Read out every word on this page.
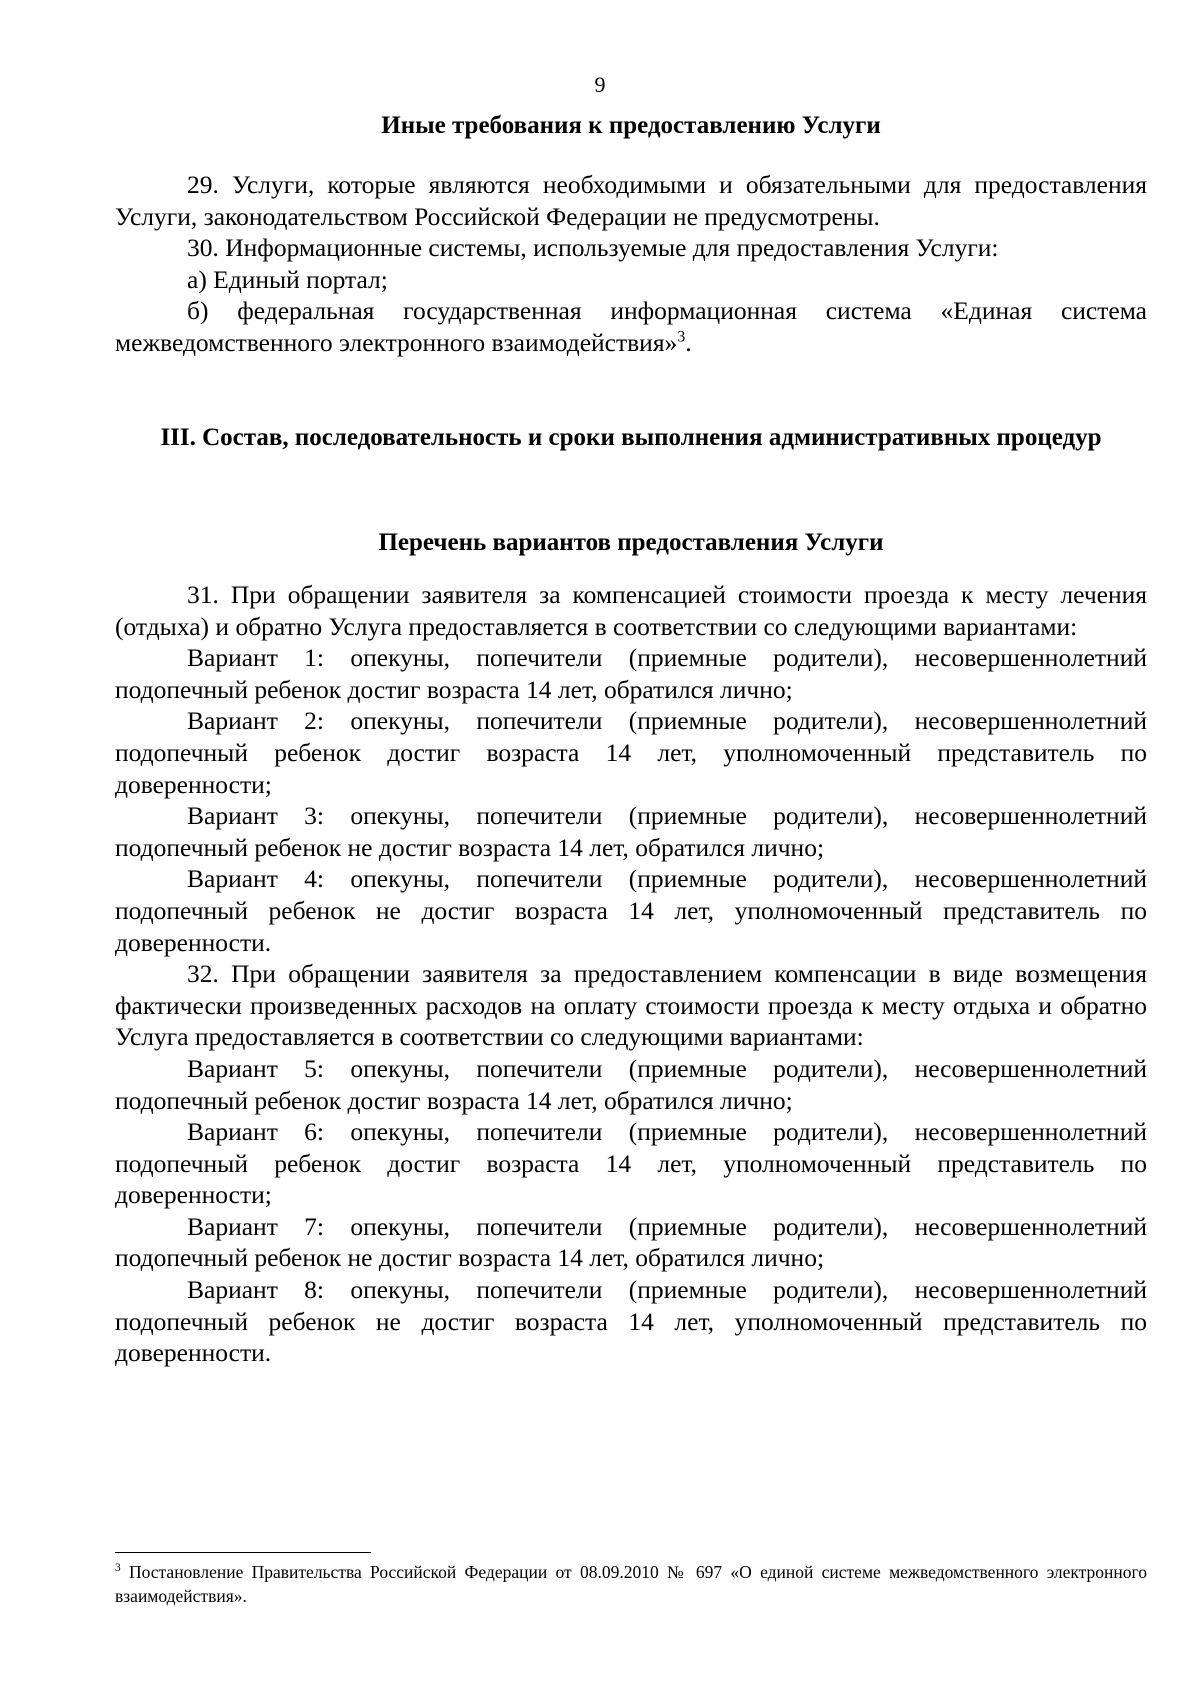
9
Иные требования к предоставлению Услуги

29. Услуги, которые являются необходимыми и обязательными для предоставления Услуги, законодательством Российской Федерации не предусмотрены.

30. Информационные системы, используемые для предоставления Услуги:

а) Единый портал;

б) федеральная государственная информационная система «Единая система межведомственного электронного взаимодействия»$^3$.

III. Состав, последовательность и сроки выполнения административных процедур
Перечень вариантов предоставления Услуги

31. При обращении заявителя за компенсацией стоимости проезда к месту лечения (отдыха) и обратно Услуга предоставляется в соответствии со следующими вариантами:

Вариант 1: опекуны, попечители (приемные родители), несовершеннолетний подопечный ребенок достиг возраста 14 лет, обратился лично;

Вариант 2: опекуны, попечители (приемные родители), несовершеннолетний подопечный ребенок достиг возраста 14 лет, уполномоченный представитель по доверенности;

Вариант 3: опекуны, попечители (приемные родители), несовершеннолетний подопечный ребенок не достиг возраста 14 лет, обратился лично;

Вариант 4: опекуны, попечители (приемные родители), несовершеннолетний подопечный ребенок не достиг возраста 14 лет, уполномоченный представитель по доверенности.

32. При обращении заявителя за предоставлением компенсации в виде возмещения фактически произведенных расходов на оплату стоимости проезда к месту отдыха и обратно Услуга предоставляется в соответствии со следующими вариантами:

Вариант 5: опекуны, попечители (приемные родители), несовершеннолетний подопечный ребенок достиг возраста 14 лет, обратился лично;

Вариант 6: опекуны, попечители (приемные родители), несовершеннолетний подопечный ребенок достиг возраста 14 лет, уполномоченный представитель по доверенности;

Вариант 7: опекуны, попечители (приемные родители), несовершеннолетний подопечный ребенок не достиг возраста 14 лет, обратился лично;

Вариант 8: опекуны, попечители (приемные родители), несовершеннолетний подопечный ребенок не достиг возраста 14 лет, уполномоченный представитель по доверенности.

$^3$ Постановление Правительства Российской Федерации от 08.09.2010 № 697 «О единой системе межведомственного электронного взаимодействия».
